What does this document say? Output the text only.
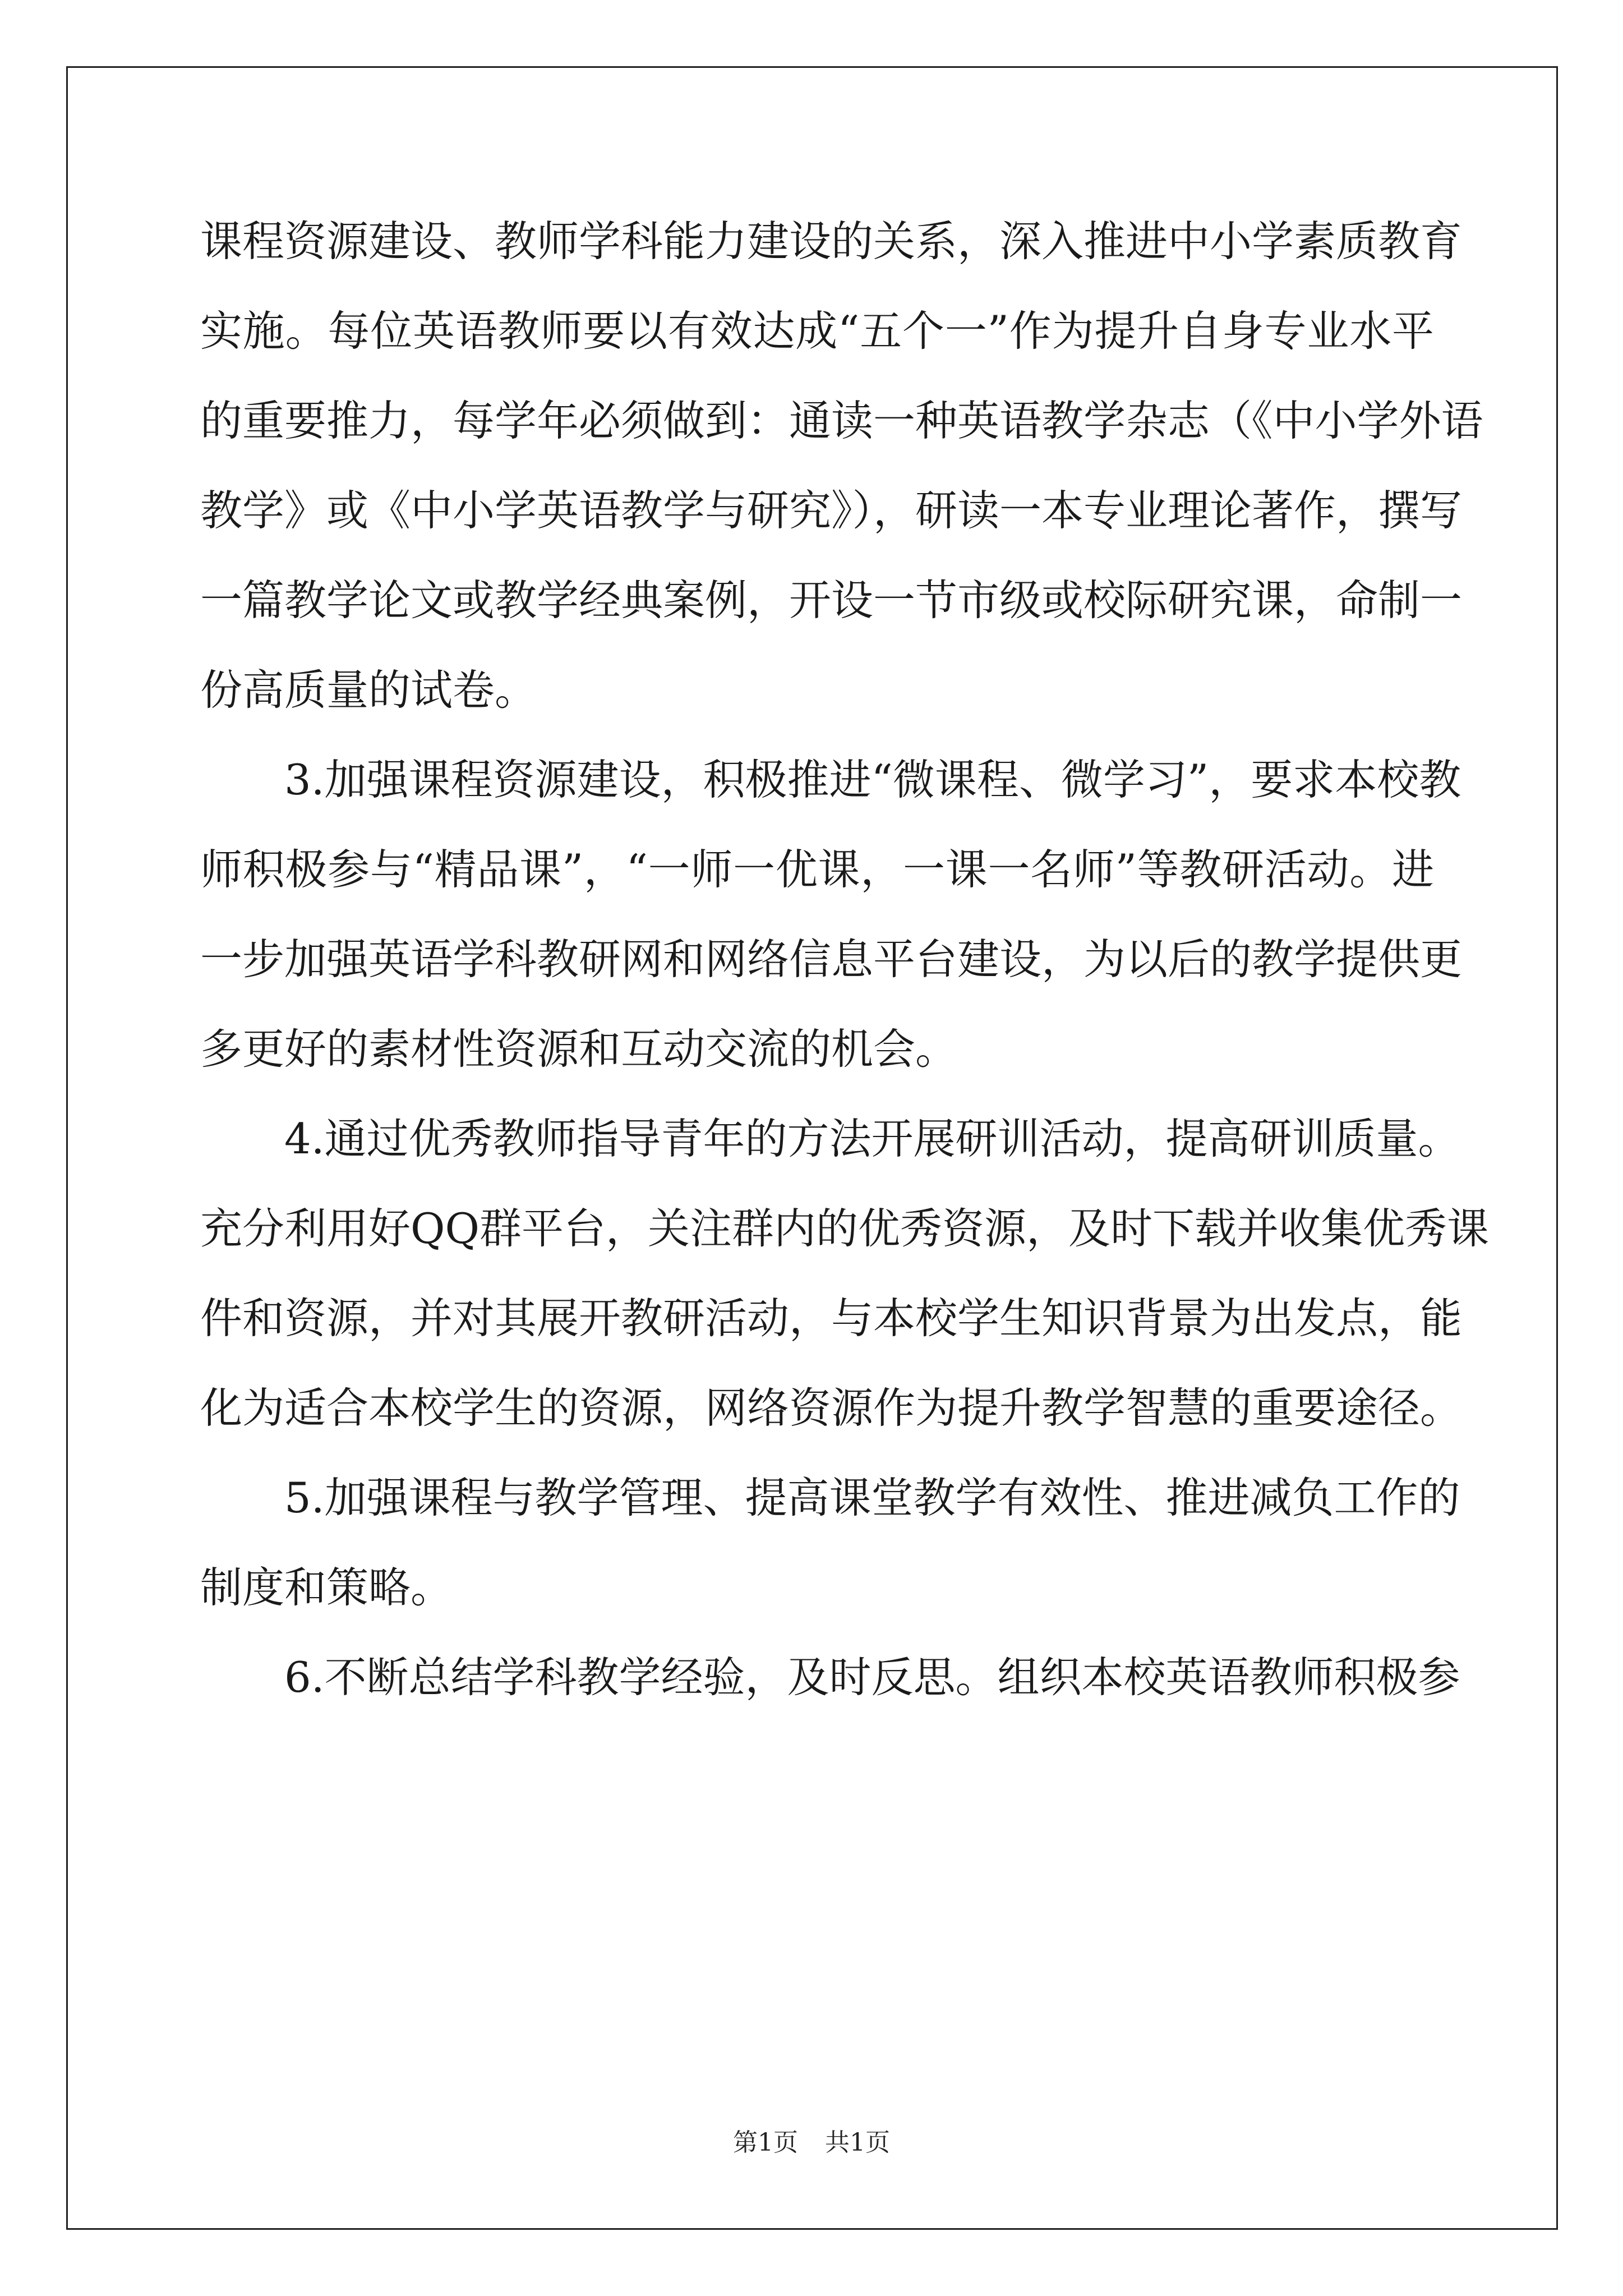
课程资源建设、教师学科能力建设的关系，深入推进中小学素质教育
实施。每位英语教师要以有效达成“五个一”作为提升自身专业水平
的重要推力，每学年必须做到：通读一种英语教学杂志（《中小学外语
教学》或《中小学英语教学与研究》），研读一本专业理论著作，撰写
一篇教学论文或教学经典案例，开设一节市级或校际研究课，命制一
份高质量的试卷。
3.加强课程资源建设，积极推进“微课程、微学习”，要求本校教
师积极参与“精品课”，“一师一优课，一课一名师”等教研活动。进
一步加强英语学科教研网和网络信息平台建设，为以后的教学提供更
多更好的素材性资源和互动交流的机会。
4.通过优秀教师指导青年的方法开展研训活动，提高研训质量。
充分利用好QQ群平台，关注群内的优秀资源，及时下载并收集优秀课
件和资源，并对其展开教研活动，与本校学生知识背景为出发点，能
化为适合本校学生的资源，网络资源作为提升教学智慧的重要途径。
5.加强课程与教学管理、提高课堂教学有效性、推进减负工作的
制度和策略。
6.不断总结学科教学经验，及时反思。组织本校英语教师积极参
第1页 共1页
